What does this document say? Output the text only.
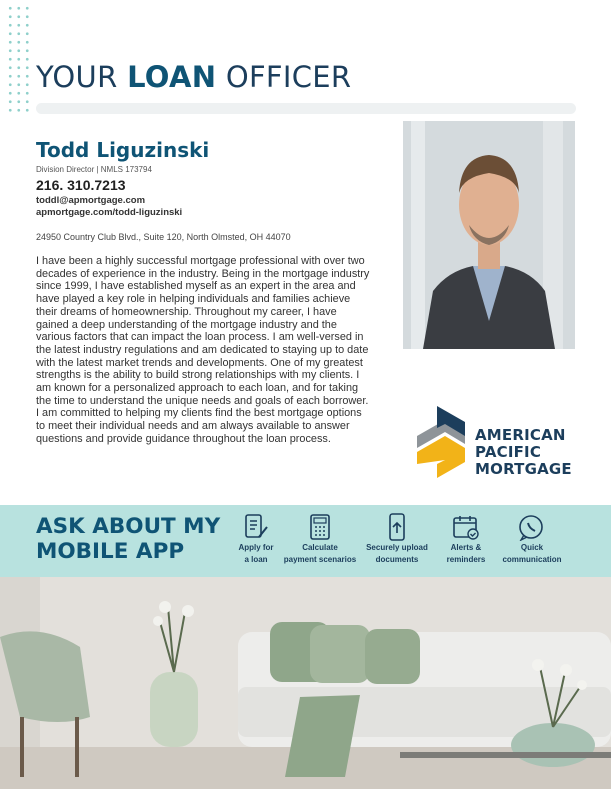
YOUR LOAN OFFICER
Todd Liguzinski
Division Director | NMLS 173794
216. 310.7213
toddl@apmortgage.com
apmortgage.com/todd-liguzinski
24950 Country Club Blvd., Suite 120, North Olmsted, OH 44070
I have been a highly successful mortgage professional with over two decades of experience in the industry. Being in the mortgage industry since 1999, I have established myself as an expert in the area and have played a key role in helping individuals and families achieve their dreams of homeownership. Throughout my career, I have gained a deep understanding of the mortgage industry and the various factors that can impact the loan process. I am well-versed in the latest industry regulations and am dedicated to staying up to date with the latest market trends and developments. One of my greatest strengths is the ability to build strong relationships with my clients. I am known for a personalized approach to each loan, and for taking the time to understand the unique needs and goals of each borrower. I am committed to helping my clients find the best mortgage options to meet their individual needs and am always available to answer questions and provide guidance throughout the loan process.	AMERICAN
PACIFIC
MORTGAGE
ASK ABOUT MY
MOBILE APP	Apply for
a loan
Calculate
payment scenarios
Securely upload
documents
Alerts &
reminders
Quick
communication
